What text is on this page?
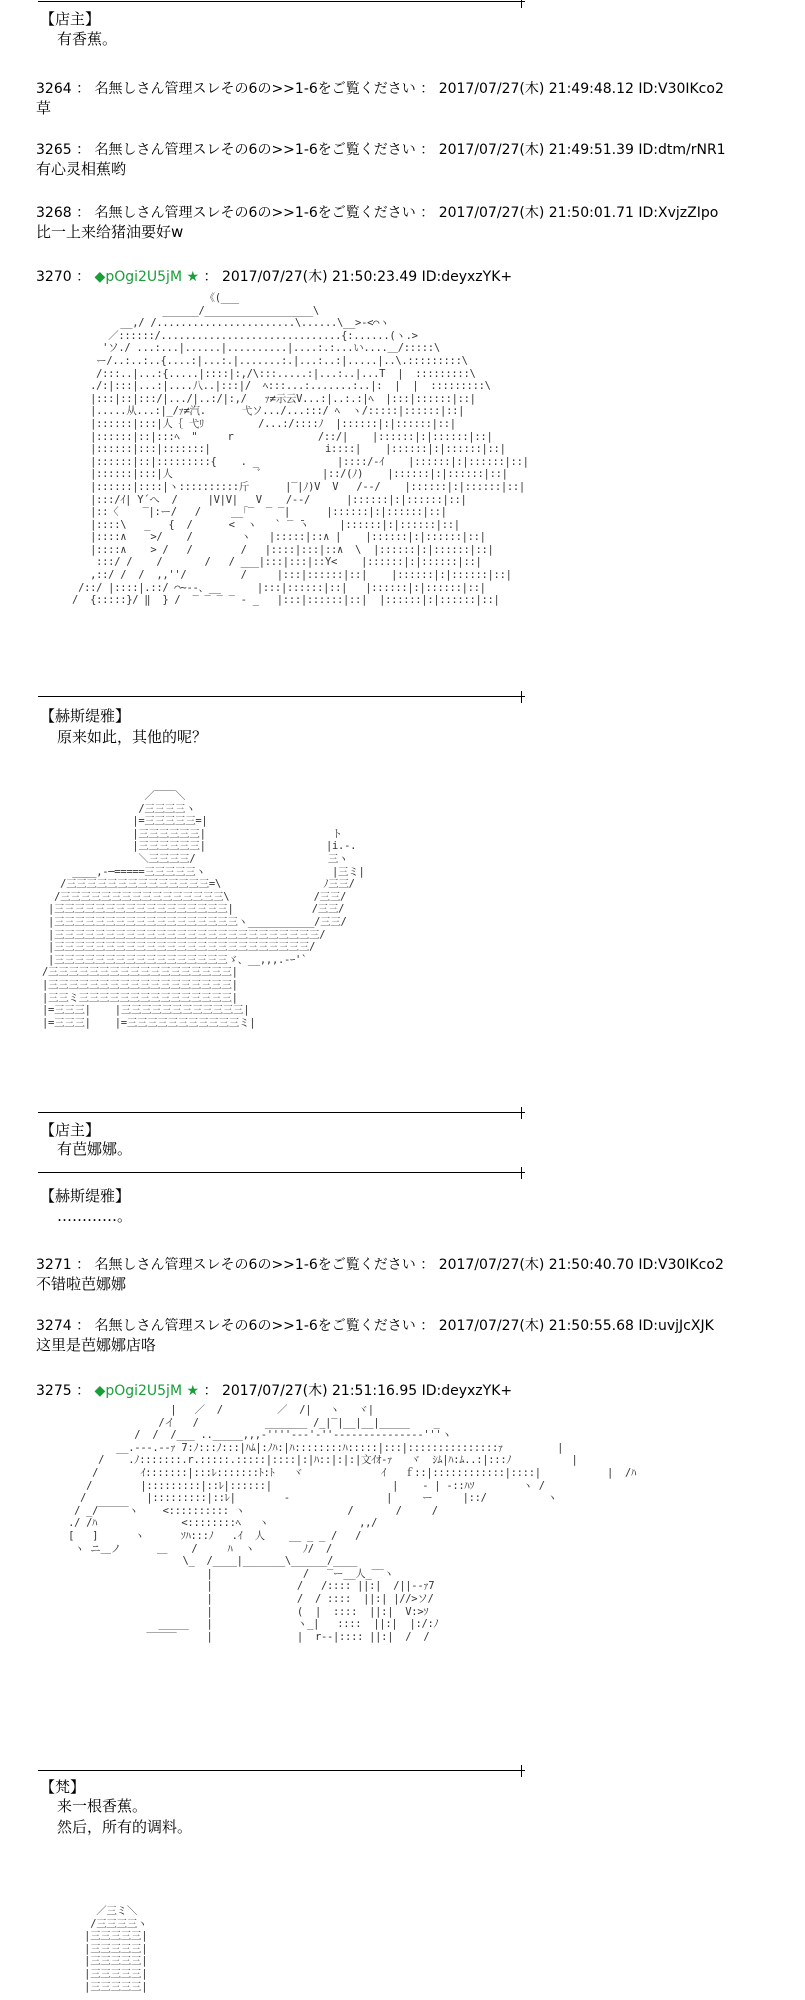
【店主】
有香蕉。
3264 ： 名無しさん管理スレその6の>>1-6をご覧ください ： 2017/07/27(木) 21:49:48.12 ID:V30IKco2
草
3265 ： 名無しさん管理スレその6の>>1-6をご覧ください ： 2017/07/27(木) 21:49:51.39 ID:dtm/rNR1
有心灵相蕉哟
3268 ： 名無しさん管理スレその6の>>1-6をご覧ください ： 2017/07/27(木) 21:50:01.71 ID:XvjzZIpo
比一上来给猪油要好w
3270 ： ◆pOgi2U5jM ★ ： 2017/07/27(木) 21:50:23.49 ID:deyxzYK+
《(___
______/__________________\
__,/ /.......................\......\__>‐<⌒ヽ
／::::::/..............................{:......(ヽ.>
'ソ./ ...:...|......|..........|....:.:...い....＿/:::::\
ー/..:..:..{....:|...:.|.......:.|...:..:|.....|..\.:::::::::\
/:::..|...:{.....|::::|:,/\:::.....:|...:..|...T  |  :::::::::\
./:|:::|...:|....八..|:::|/  ﾍ:::...:.......:..|:  |  |  :::::::::\
|:::|::|:::/|.../|..:/|:,/   ｧ≠示云V...:|..:.:|ﾍ  |:::|::::::|::|
|.....从...:|_/ｧ≠汽.      弋ソ.../...:::/ ﾍ  ヽ/:::::|::::::|::|
|::::::|:::|人｛ 弋ﾘ         /...:/::::ﾉ  |::::::|:|::::::|::|
|::::::|::|:::ﾍ  "     r              /::/|    |::::::|:|::::::|::|
|::::::|:::|:::::::|                   i::::|    |::::::|:|::::::|::|
|::::::|::|:::::::::{    . _             |::::/-ｲ    |::::::|:|::::::|::|
|::::::|:::|人              ﾞ          |::/(ﾉ)    |::::::|:|::::::|::|
|::::::|::::|ヽ::::::::::斤      |‾|ﾉ)V  V   /-‐/    |::::::|:|::::::|::|
|:::/ｲ| Y´へ  /     |V|V|   V    /-‐/      |::::::|:|::::::|::|
|::〈    ‾|:ー/   /     __｢‾  ‾ ‾|      |::::::|:|::::::|::|
|::::\   _   {  /      <  ヽ   ` ‾ ̄ヽ     |::::::|:|::::::|::|
|::::∧    >/    /        ヽ   |:::::|::∧ |    |::::::|:|::::::|::|
|::::∧    > /   /        /   |::::|:::|::∧  \  |::::::|:|::::::|::|
:::/ /    /       /   / ___|:::|:::|::Y<    |::::::|:|::::::|::|
,::/ /  /  ,,''/         /     |:::|::::::|::|    |::::::|:|::::::|::|
/::/ |::::|.::/ ⌒~‐-、__      |:::|::::::|::|   |::::::|:|::::::|::|
/  {:::::}/ ‖  } /  ‾ ‾ ‾ ‾ - _   |:::|::::::|::|  |::::::|:|::::::|::|
【赫斯缇雅】
原来如此，其他的呢？
／￣￣＼
/三三三三ヽ
|=三三三三三=|
|三三三三三三|                     ト
|三三三三三三|                    |i.-.
＼三三三三/                      三ヽ
____,-─=====三三三三三ヽ                     |三ミ|
/三三三三三三三三三三三三三三=\                 ﾉ三三/
/三三三三三三三三三三三三三三三三\              /三三/
|三三三三三三三三三三三三三三三三三|             /三三/
|三三三三三三三三三三三三三三三三三三ヽ___________/三三/
|三三三三三三三三三三三三三三三三三三三三三三三三三三/
|三三三三三三三三三三三三三三三三三三三三三三三三三/
|三三三三三三三三三三三三三三三三三ゞ、__,,,.-ｰ'`
/三三三三三三三三三三三三三三三三三三|
|三三三三三三三三三三三三三三三三三三|
|三三ミ三三三三三三三三三三三三三三三|
|=三三三|    |三三三三三三三三三三三三|
|=三三三|    |=三三三三三三三三三三三ミ|
【店主】
有芭娜娜。
【赫斯缇雅】
…………。
3271 ： 名無しさん管理スレその6の>>1-6をご覧ください ： 2017/07/27(木) 21:50:40.70 ID:V30IKco2
不错啦芭娜娜
3274 ： 名無しさん管理スレその6の>>1-6をご覧ください ： 2017/07/27(木) 21:50:55.68 ID:uvjJcXJK
这里是芭娜娜店咯
3275 ： ◆pOgi2U5jM ★ ： 2017/07/27(木) 21:51:16.95 ID:deyxzYK+
|   ／  /         ／  /|   ヽ   ヾ|
/イ   /           _______ /_|‾|__|__|_____    _
/  /  /___ .._____,,,-''''‐-‐'‐''‐‐‐‐‐‐‐‐‐‐‐‐‐‐‐'''ヽ
__.‐‐‐.-‐ｧ 7:ﾉ:::ﾉ:::|ﾊﾑ|:ﾉﾊ:|ﾊ::::::::ﾊ:::::|:::|:::::::::::::::ｧ         |
/    .ﾉ:::::::.r.:::::.:::::|::::|:|ﾊ::|:|:|文ｲｵ‐ｧ   ヾ  ｼﾑ|ﾊ:ﾑ..:|:::ﾉ          |
/       ｲ:::::::|:::ﾚ:::::::ﾄ:ﾄ   ヾ             ｲ   ｆ::|::::::::::::|::::|           |  /ﾊ
/        |:::::::::|::ﾚ|::::::|                    |    - | -::ﾊｿ        ヽ /
/          |:::::::::|::ﾚ|        -                |     ー     |::/          ヽ
/ _/‾‾‾‾‾ヽ    <:::::::::: ヽ                 /       /     /
./ /ﾊ              <::::::::ﾍ   ヽ               ,,/
[   ]      ヽ      ｿﾊ:::ﾉ   .ｲ  人    __ _ _ /   /
ヽ ニ＿ノ      ＿    /     ﾊ  ヽ        ﾉ/  /
\_  /____|_______\______/____
|               /   ‾ー__人_‾‾ヽ
|              /   /:::: ||:|  /||‐‐ｧ7
|              /  / ::::  ||:| |//>ソ/
|              (  |  ::::  ||:|  V:>ｿ
_____   |              ヽ_|   ::::  ||:|  |:/:ﾉ
‾‾‾‾‾     |              |  r‐‐|:::: ||:|  /  /
【梵】
来一根香蕉。
然后，所有的调料。
／三ミ＼
/三三三三ヽ
|三三三三三|
|三三三三三|
|三三三三三|
|三三三三三|
|三三三三三|
